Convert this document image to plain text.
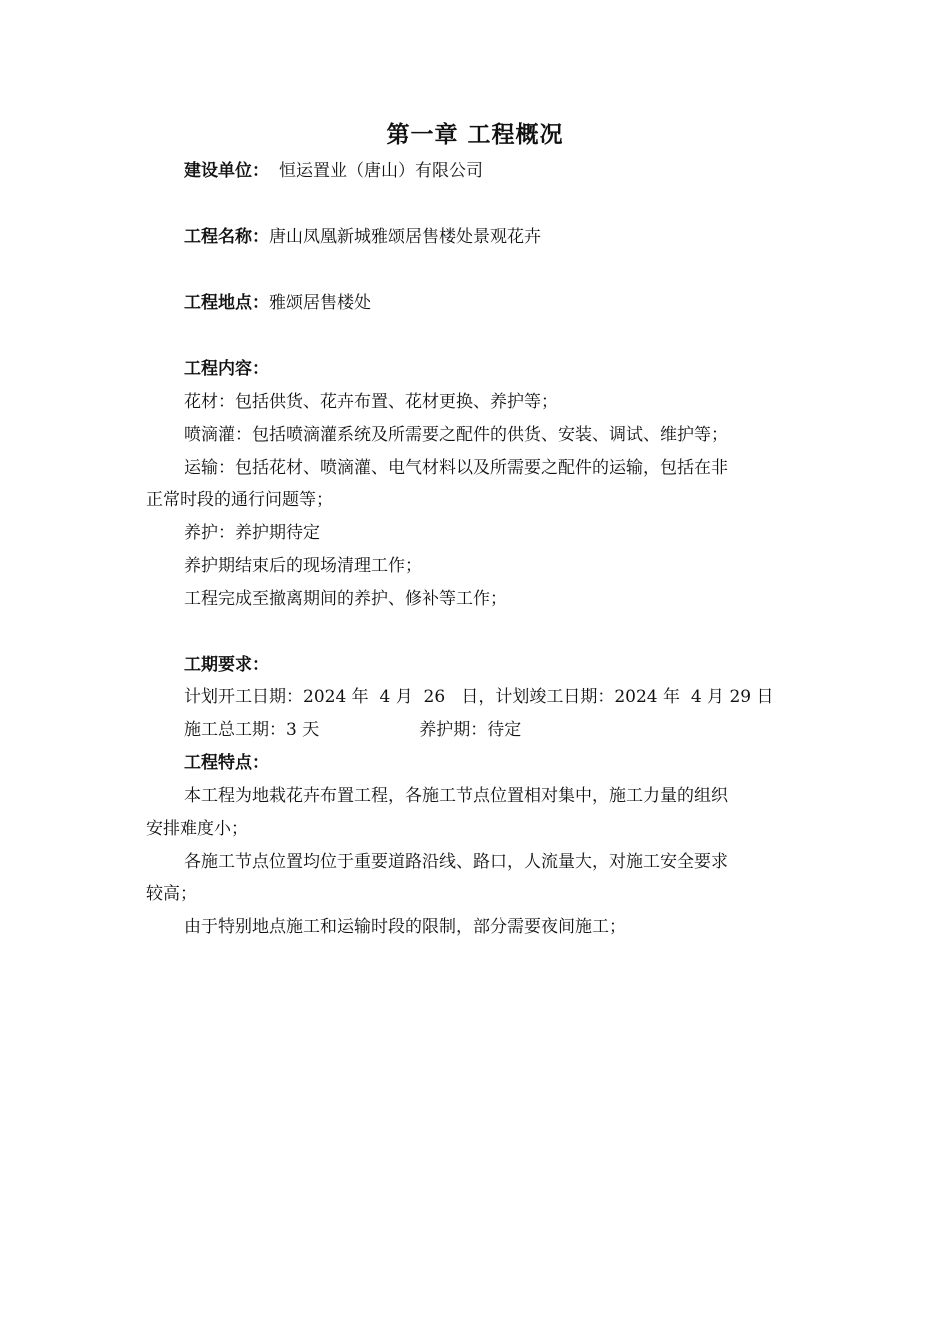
第一章 工程概况
建设单位： 恒运置业（唐山）有限公司
工程名称：唐山凤凰新城雅颂居售楼处景观花卉
工程地点：雅颂居售楼处
工程内容：
花材：包括供货、花卉布置、花材更换、养护等；
喷滴灌：包括喷滴灌系统及所需要之配件的供货、安装、调试、维护等；
运输：包括花材、喷滴灌、电气材料以及所需要之配件的运输，包括在非
正常时段的通行问题等；
养护：养护期待定
养护期结束后的现场清理工作；
工程完成至撤离期间的养护、修补等工作；
工期要求：
计划开工日期：2024 年  4 月  26   日，计划竣工日期：2024 年  4 月 29 日
施工总工期：3 天	养护期：待定
工程特点：
本工程为地栽花卉布置工程，各施工节点位置相对集中，施工力量的组织
安排难度小；
各施工节点位置均位于重要道路沿线、路口，人流量大，对施工安全要求
较高；
由于特别地点施工和运输时段的限制，部分需要夜间施工；
